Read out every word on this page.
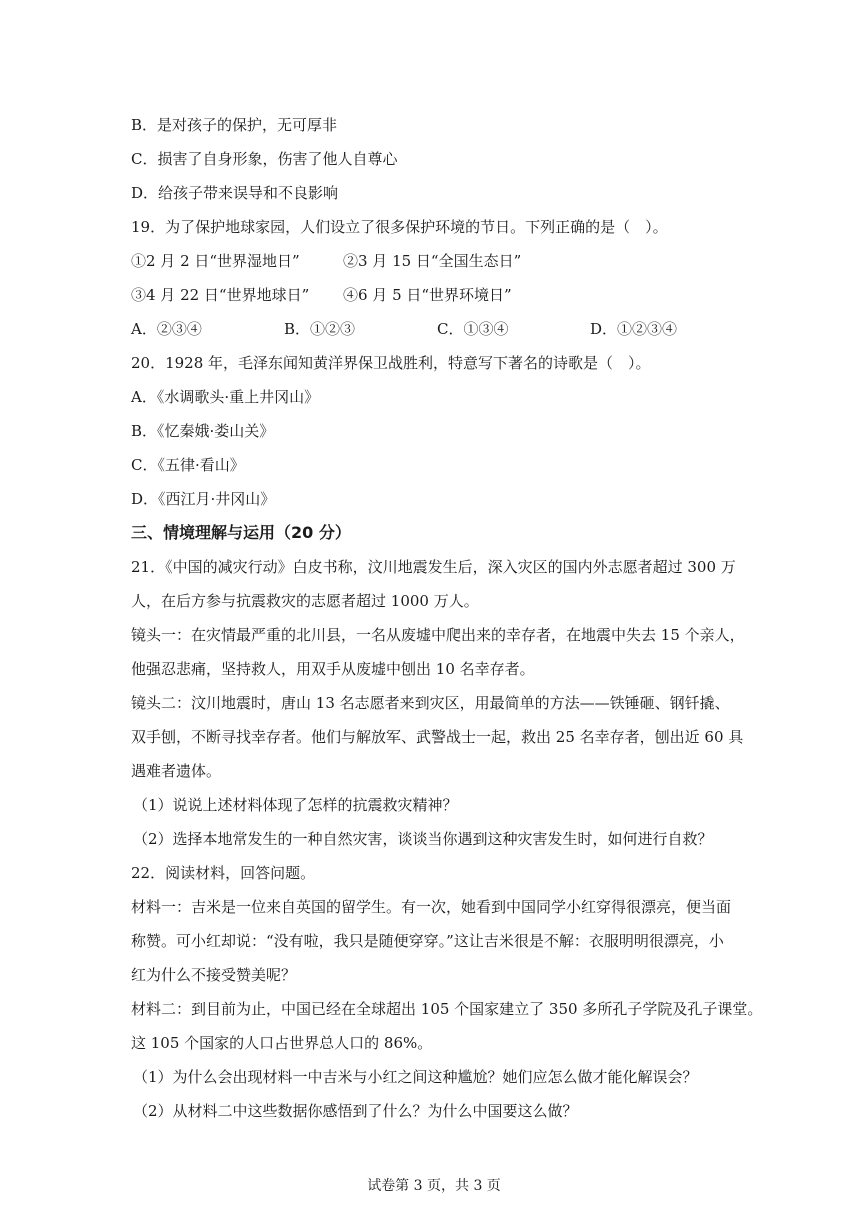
B．是对孩子的保护，无可厚非
C．损害了自身形象，伤害了他人自尊心
D．给孩子带来误导和不良影响
19．为了保护地球家园，人们设立了很多保护环境的节日。下列正确的是（　）。
①2 月 2 日“世界湿地日”	②3 月 15 日“全国生态日”
③4 月 22 日“世界地球日”	④6 月 5 日“世界环境日”
A．②③④	B．①②③	C．①③④	D．①②③④
20．1928 年，毛泽东闻知黄洋界保卫战胜利，特意写下著名的诗歌是（　）。
A．《水调歌头·重上井冈山》
B．《忆秦娥·娄山关》
C．《五律·看山》
D．《西江月·井冈山》
三、情境理解与运用（20 分）
21．《中国的减灾行动》白皮书称，汶川地震发生后，深入灾区的国内外志愿者超过 300 万
人，在后方参与抗震救灾的志愿者超过 1000 万人。
镜头一：在灾情最严重的北川县，一名从废墟中爬出来的幸存者，在地震中失去 15 个亲人，
他强忍悲痛，坚持救人，用双手从废墟中刨出 10 名幸存者。
镜头二：汶川地震时，唐山 13 名志愿者来到灾区，用最简单的方法——铁锤砸、钢钎撬、
双手刨，不断寻找幸存者。他们与解放军、武警战士一起，救出 25 名幸存者，刨出近 60 具
遇难者遗体。
（1）说说上述材料体现了怎样的抗震救灾精神？
（2）选择本地常发生的一种自然灾害，谈谈当你遇到这种灾害发生时，如何进行自救？
22．阅读材料，回答问题。
材料一：吉米是一位来自英国的留学生。有一次，她看到中国同学小红穿得很漂亮，便当面
称赞。可小红却说：“没有啦，我只是随便穿穿。”这让吉米很是不解：衣服明明很漂亮，小
红为什么不接受赞美呢？
材料二：到目前为止，中国已经在全球超出 105 个国家建立了 350 多所孔子学院及孔子课堂。
这 105 个国家的人口占世界总人口的 86%。
（1）为什么会出现材料一中吉米与小红之间这种尴尬？她们应怎么做才能化解误会？
（2）从材料二中这些数据你感悟到了什么？为什么中国要这么做？
试卷第 3 页，共 3 页
